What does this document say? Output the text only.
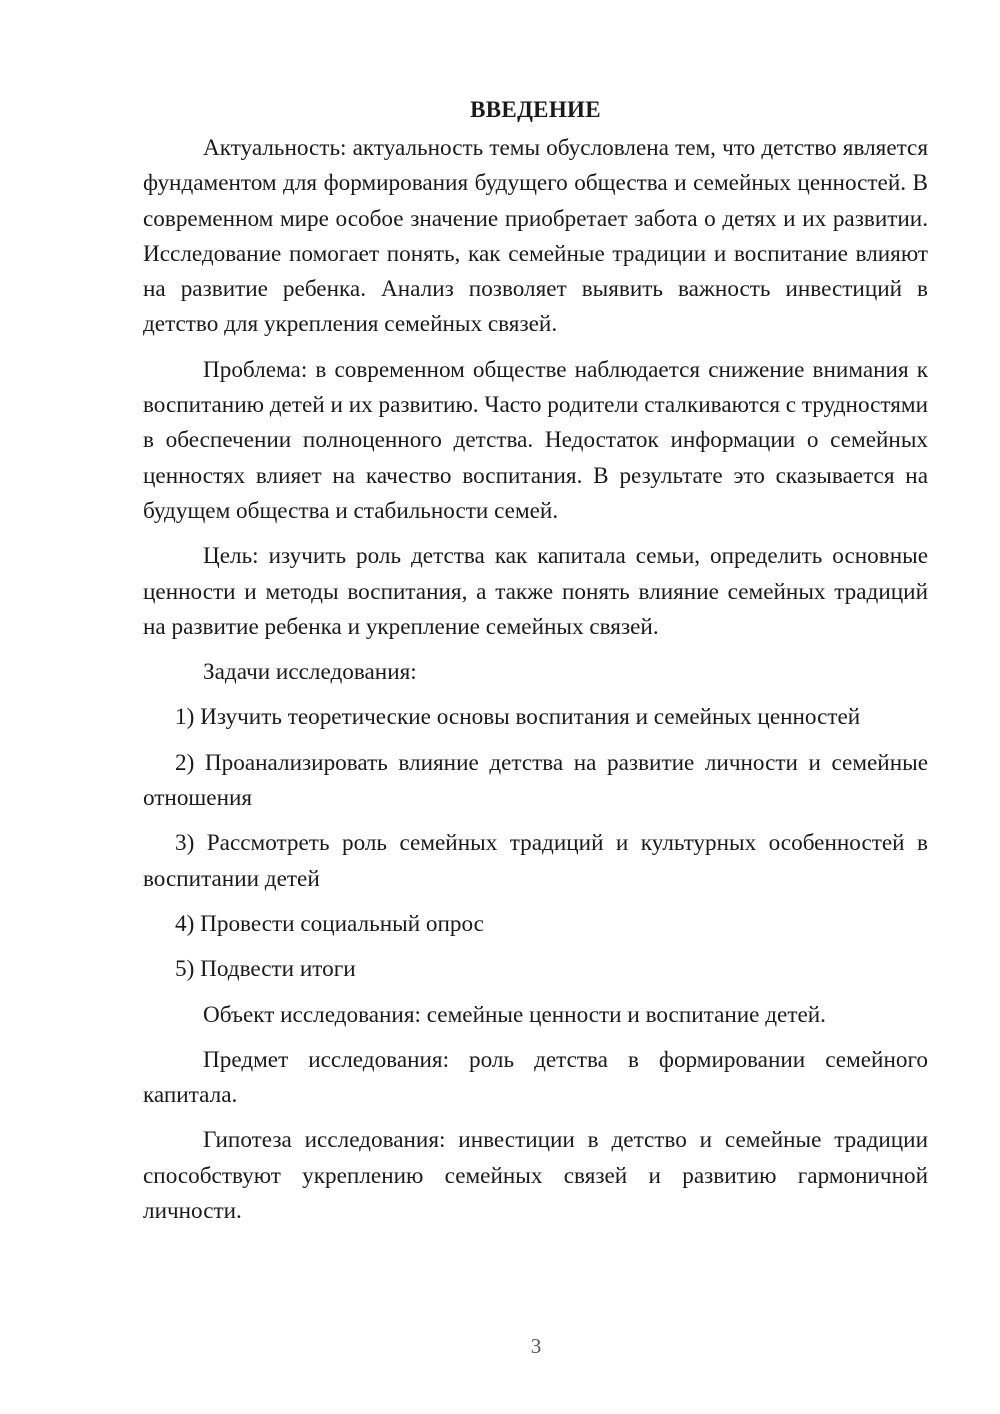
ВВЕДЕНИЕ

Актуальность: актуальность темы обусловлена тем, что детство является фундаментом для формирования будущего общества и семейных ценностей. В современном мире особое значение приобретает забота о детях и их развитии. Исследование помогает понять, как семейные традиции и воспитание влияют на развитие ребенка. Анализ позволяет выявить важность инвестиций в детство для укрепления семейных связей.

Проблема: в современном обществе наблюдается снижение внимания к воспитанию детей и их развитию. Часто родители сталкиваются с трудностями в обеспечении полноценного детства. Недостаток информации о семейных ценностях влияет на качество воспитания. В результате это сказывается на будущем общества и стабильности семей.

Цель: изучить роль детства как капитала семьи, определить основные ценности и методы воспитания, а также понять влияние семейных традиций на развитие ребенка и укрепление семейных связей.

Задачи исследования:

1) Изучить теоретические основы воспитания и семейных ценностей

2) Проанализировать влияние детства на развитие личности и семейные отношения

3) Рассмотреть роль семейных традиций и культурных особенностей в воспитании детей

4) Провести социальный опрос

5) Подвести итоги

Объект исследования: семейные ценности и воспитание детей.

Предмет исследования: роль детства в формировании семейного капитала.

Гипотеза исследования: инвестиции в детство и семейные традиции способствуют укреплению семейных связей и развитию гармоничной личности.

3
